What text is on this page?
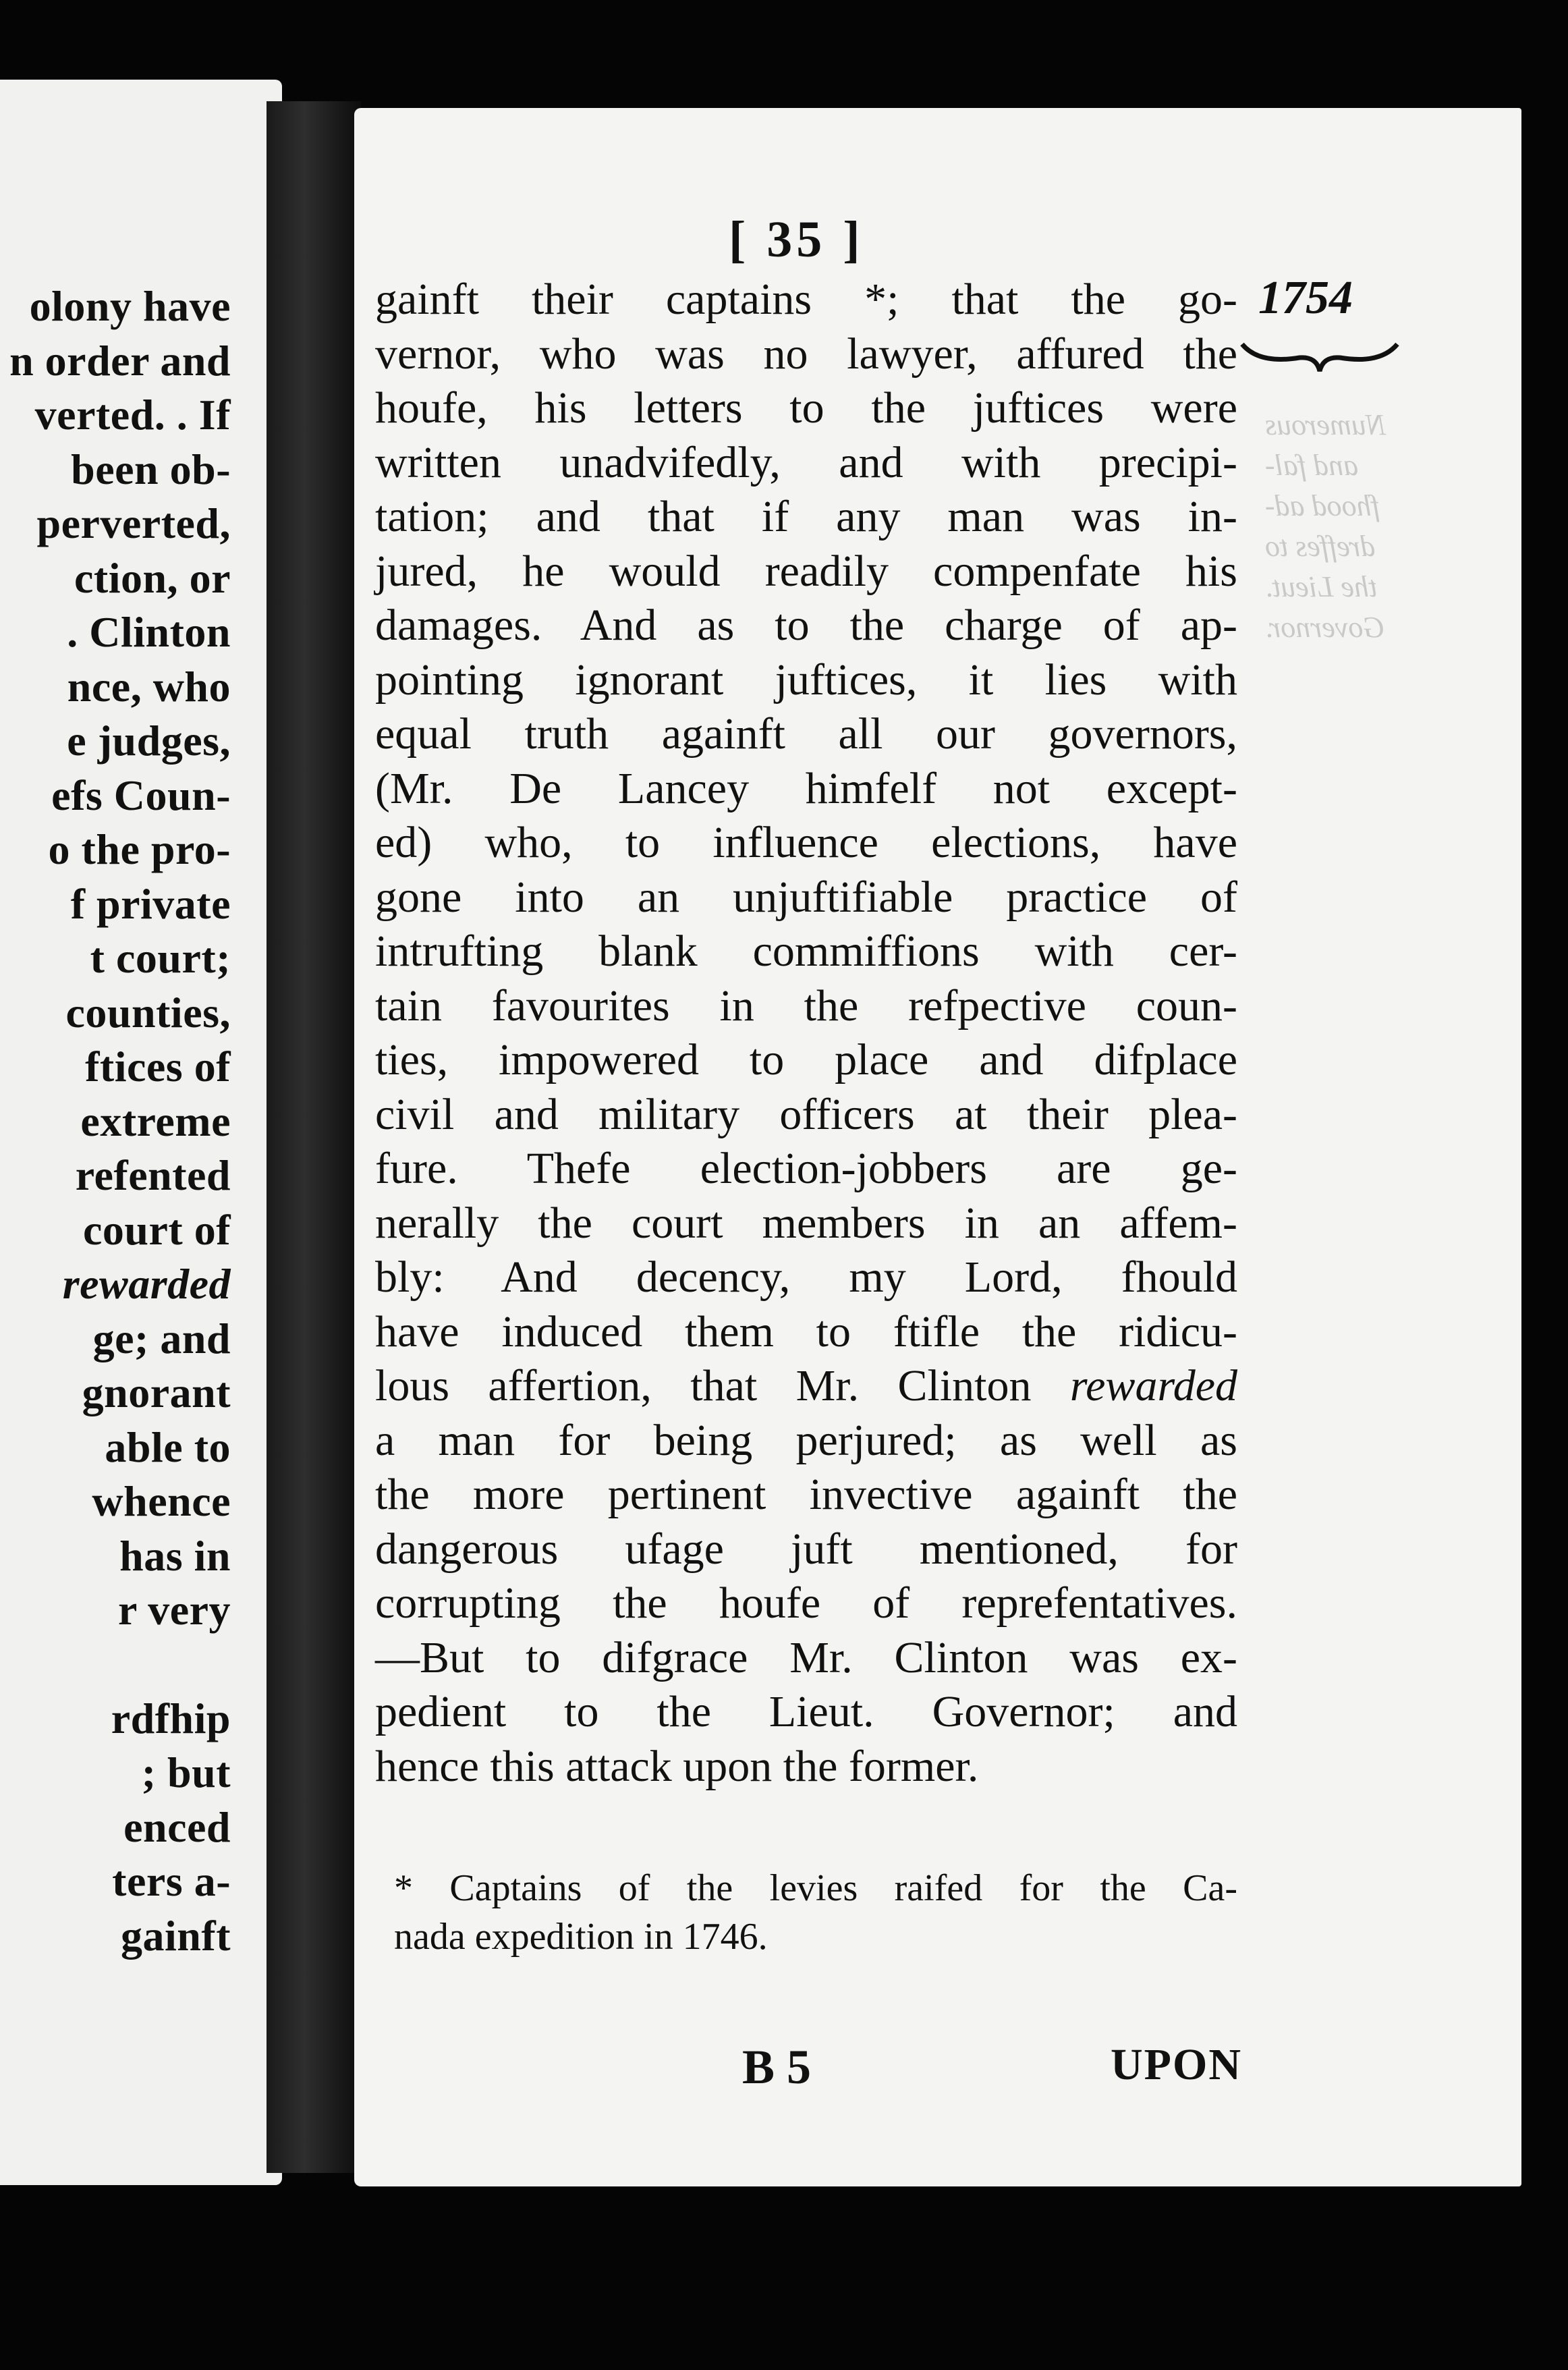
olony have
n order and
verted. . If
been ob-
perverted,
ction, or
. Clinton
nce, who
e judges,
efs Coun-
o the pro-
f private
t court;
counties,
ftices of
extreme
refented
court of
rewarded
ge; and
gnorant
able to
whence
has in
r very
rdfhip
; but
enced
ters a-
gainft
[ 35 ]
1754
Numerous
and fal-
fhood ad-
dreffes to
the Lieut.
Governor.
gainft their captains *; that the go-
vernor, who was no lawyer, affured the
houfe, his letters to the juftices were
written unadvifedly, and with precipi-
tation; and that if any man was in-
jured, he would readily compenfate his
damages. And as to the charge of ap-
pointing ignorant juftices, it lies with
equal truth againft all our governors,
(Mr. De Lancey himfelf not except-
ed) who, to influence elections, have
gone into an unjuftifiable practice of
intrufting blank commiffions with cer-
tain favourites in the refpective coun-
ties, impowered to place and difplace
civil and military officers at their plea-
fure. Thefe election-jobbers are ge-
nerally the court members in an affem-
bly: And decency, my Lord, fhould
have induced them to ftifle the ridicu-
lous affertion, that Mr. Clinton rewarded
a man for being perjured; as well as
the more pertinent invective againft the
dangerous ufage juft mentioned, for
corrupting the houfe of reprefentatives.
—But to difgrace Mr. Clinton was ex-
pedient to the Lieut. Governor; and
hence this attack upon the former.
* Captains of the levies raifed for the Ca-
nada expedition in 1746.
B 5	UPON
